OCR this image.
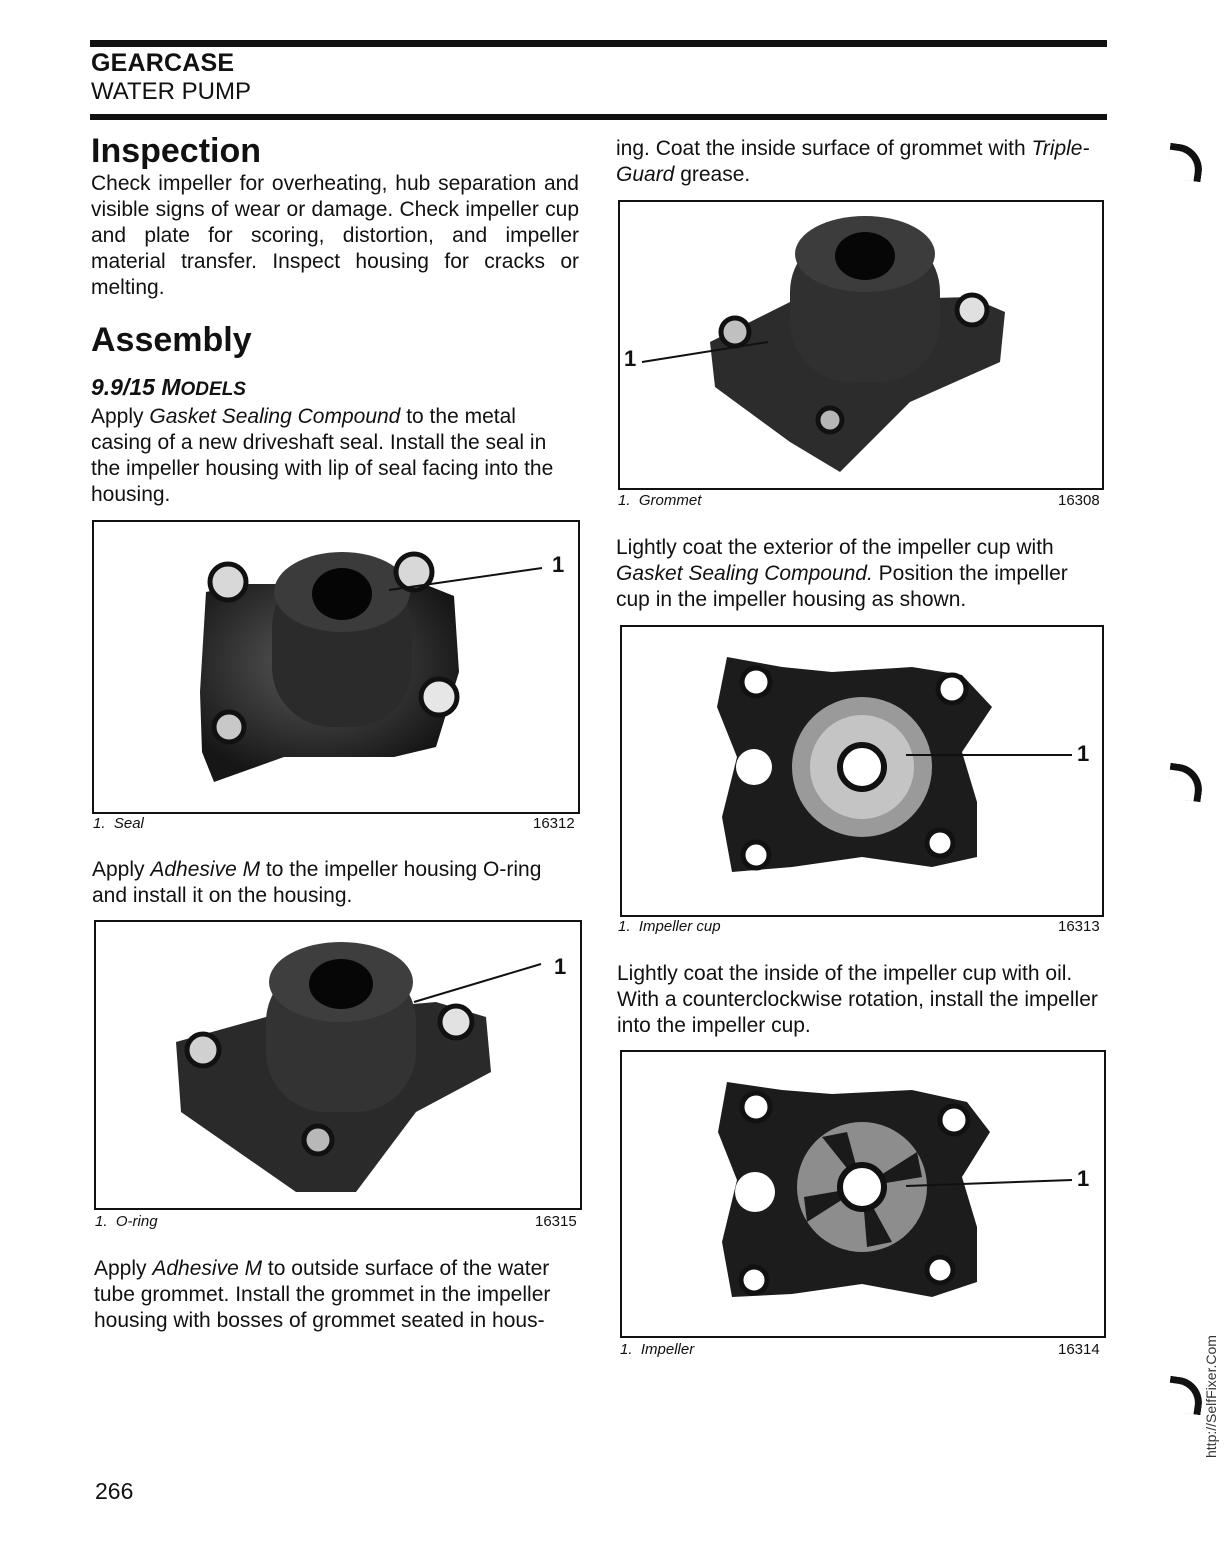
GEARCASE
WATER PUMP
Inspection
Check impeller for overheating, hub separation and visible signs of wear or damage. Check impeller cup and plate for scoring, distortion, and impeller material transfer. Inspect housing for cracks or melting.
Assembly
9.9/15 MODELS
Apply Gasket Sealing Compound to the metal casing of a new driveshaft seal. Install the seal in the impeller housing with lip of seal facing into the housing.
1
1. Seal	16312
Apply Adhesive M to the impeller housing O-ring and install it on the housing.
1
1. O-ring	16315
Apply Adhesive M to outside surface of the water tube grommet. Install the grommet in the impeller housing with bosses of grommet seated in hous-
ing. Coat the inside surface of grommet with Triple-Guard grease.
1
1. Grommet	16308
Lightly coat the exterior of the impeller cup with Gasket Sealing Compound. Position the impeller cup in the impeller housing as shown.
1
1. Impeller cup	16313
Lightly coat the inside of the impeller cup with oil. With a counterclockwise rotation, install the impeller into the impeller cup.
1
1. Impeller	16314
266
http://SelfFixer.Com
